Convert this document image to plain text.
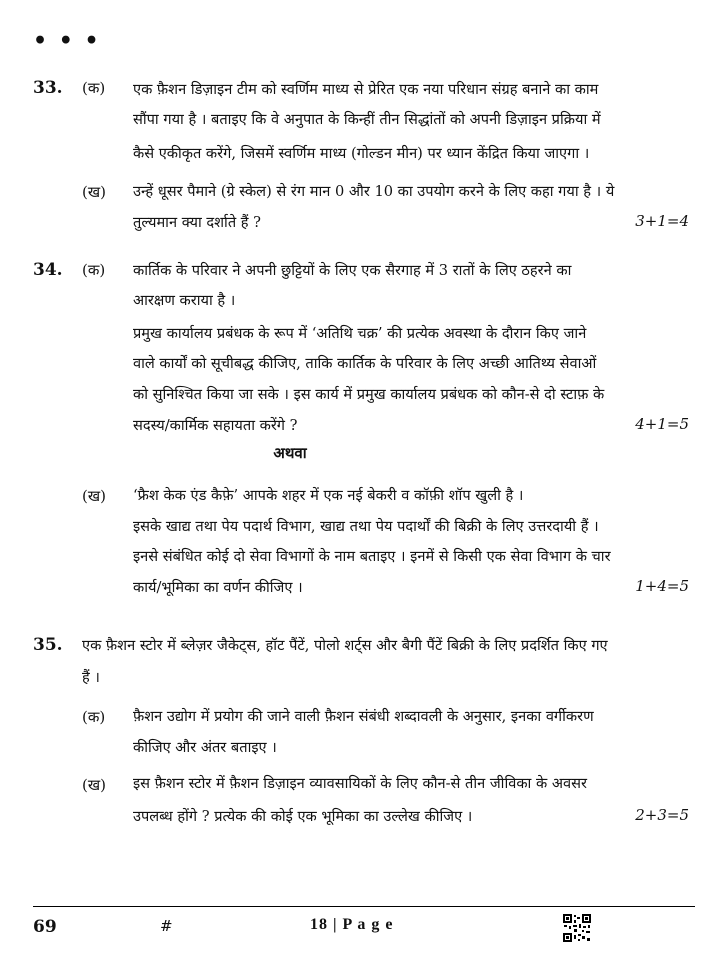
• • •
33. (क) एक फ़ैशन डिज़ाइन टीम को स्वर्णिम माध्य से प्रेरित एक नया परिधान संग्रह बनाने का काम
सौंपा गया है । बताइए कि वे अनुपात के किन्हीं तीन सिद्धांतों को अपनी डिज़ाइन प्रक्रिया में
कैसे एकीकृत करेंगे, जिसमें स्वर्णिम माध्य (गोल्डन मीन) पर ध्यान केंद्रित किया जाएगा ।
(ख) उन्हें धूसर पैमाने (ग्रे स्केल) से रंग मान 0 और 10 का उपयोग करने के लिए कहा गया है । ये
तुल्यमान क्या दर्शाते हैं ?	3+1=4
34. (क) कार्तिक के परिवार ने अपनी छुट्टियों के लिए एक सैरगाह में 3 रातों के लिए ठहरने का
आरक्षण कराया है ।
प्रमुख कार्यालय प्रबंधक के रूप में ‘अतिथि चक्र’ की प्रत्येक अवस्था के दौरान किए जाने
वाले कार्यों को सूचीबद्ध कीजिए, ताकि कार्तिक के परिवार के लिए अच्छी आतिथ्य सेवाओं
को सुनिश्चित किया जा सके । इस कार्य में प्रमुख कार्यालय प्रबंधक को कौन-से दो स्टाफ़ के
सदस्य/कार्मिक सहायता करेंगे ?	4+1=5
अथवा
(ख) ‘फ्रैश केक एंड कैफ़े’ आपके शहर में एक नई बेकरी व कॉफ़ी शॉप खुली है ।
इसके खाद्य तथा पेय पदार्थ विभाग, खाद्य तथा पेय पदार्थों की बिक्री के लिए उत्तरदायी हैं ।
इनसे संबंधित कोई दो सेवा विभागों के नाम बताइए । इनमें से किसी एक सेवा विभाग के चार
कार्य/भूमिका का वर्णन कीजिए ।	1+4=5
35. एक फ़ैशन स्टोर में ब्लेज़र जैकेट्स, हॉट पैंटें, पोलो शर्ट्स और बैगी पैंटें बिक्री के लिए प्रदर्शित किए गए
हैं ।
(क) फ़ैशन उद्योग में प्रयोग की जाने वाली फ़ैशन संबंधी शब्दावली के अनुसार, इनका वर्गीकरण
कीजिए और अंतर बताइए ।
(ख) इस फ़ैशन स्टोर में फ़ैशन डिज़ाइन व्यावसायिकों के लिए कौन-से तीन जीविका के अवसर
उपलब्ध होंगे ? प्रत्येक की कोई एक भूमिका का उल्लेख कीजिए ।	2+3=5
69	#	18 | P a g e
